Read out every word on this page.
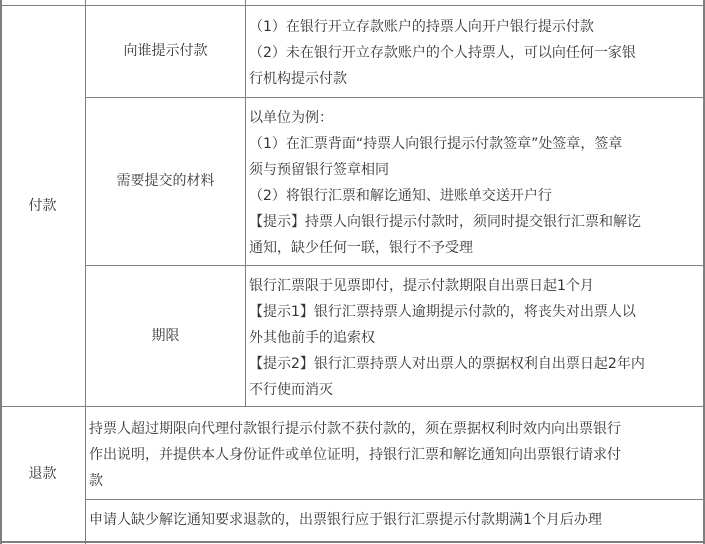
付款
向谁提示付款
（1）在银行开立存款账户的持票人向开户银行提示付款
（2）未在银行开立存款账户的个人持票人，可以向任何一家银
行机构提示付款
需要提交的材料
以单位为例：
（1）在汇票背面“持票人向银行提示付款签章”处签章，签章
须与预留银行签章相同
（2）将银行汇票和解讫通知、进账单交送开户行
【提示】持票人向银行提示付款时，须同时提交银行汇票和解讫
通知，缺少任何一联，银行不予受理
期限
银行汇票限于见票即付，提示付款期限自出票日起1个月
【提示1】银行汇票持票人逾期提示付款的，将丧失对出票人以
外其他前手的追索权
【提示2】银行汇票持票人对出票人的票据权利自出票日起2年内
不行使而消灭
退款
持票人超过期限向代理付款银行提示付款不获付款的，须在票据权利时效内向出票银行
作出说明，并提供本人身份证件或单位证明，持银行汇票和解讫通知向出票银行请求付
款
申请人缺少解讫通知要求退款的，出票银行应于银行汇票提示付款期满1个月后办理
